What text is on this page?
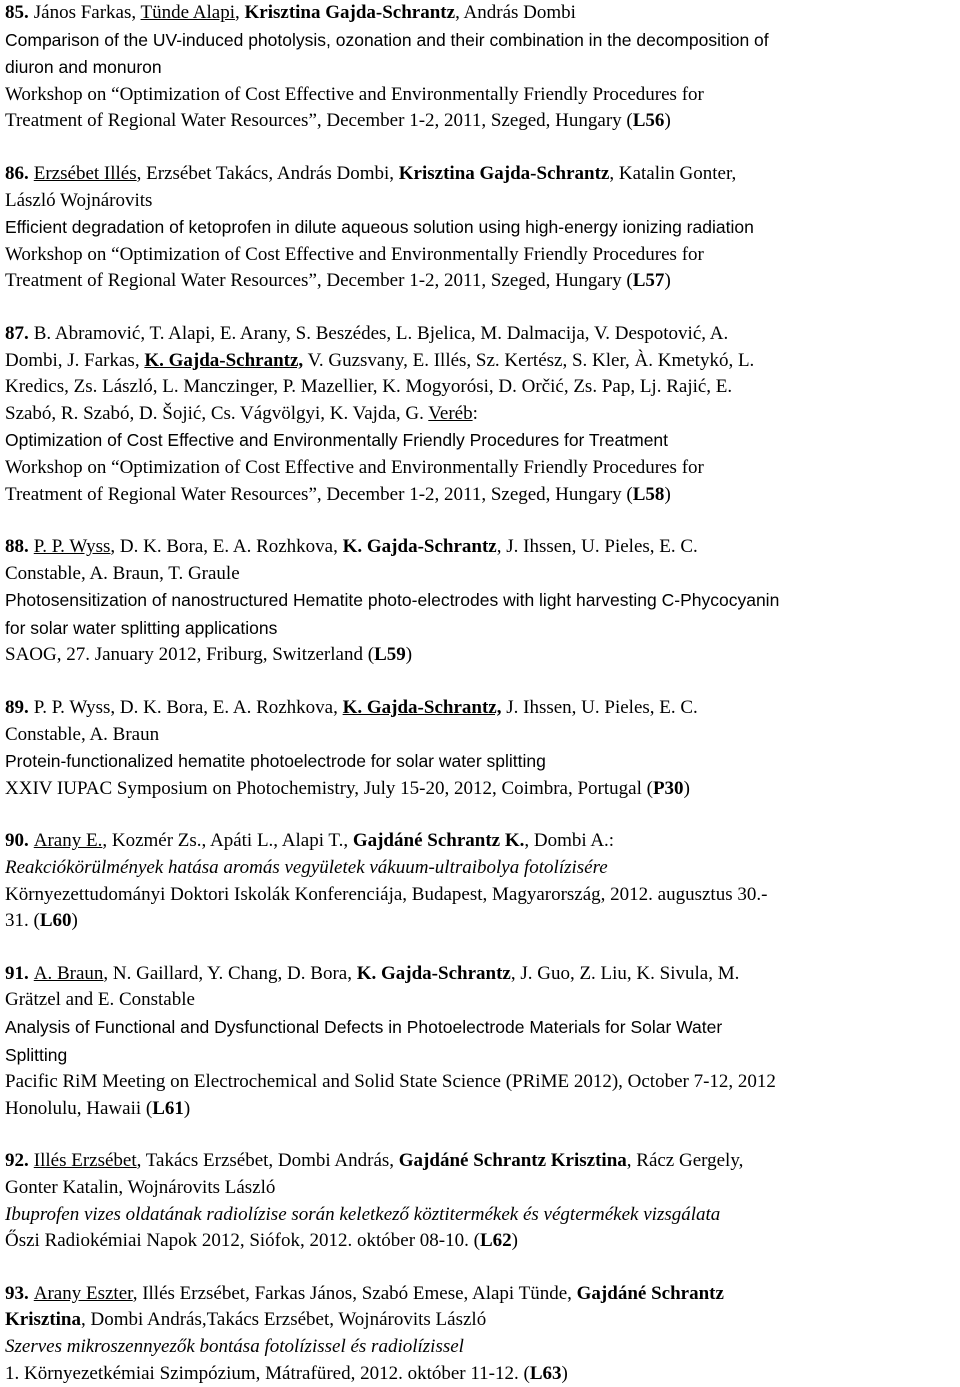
85. János Farkas, Tünde Alapi, Krisztina Gajda-Schrantz, András Dombi
Comparison of the UV-induced photolysis, ozonation and their combination in the decomposition of
diuron and monuron
Workshop on “Optimization of Cost Effective and Environmentally Friendly Procedures for
Treatment of Regional Water Resources”, December 1-2, 2011, Szeged, Hungary (L56)
86. Erzsébet Illés, Erzsébet Takács, András Dombi, Krisztina Gajda-Schrantz, Katalin Gonter,
László Wojnárovits
Efficient degradation of ketoprofen in dilute aqueous solution using high-energy ionizing radiation
Workshop on “Optimization of Cost Effective and Environmentally Friendly Procedures for
Treatment of Regional Water Resources”, December 1-2, 2011, Szeged, Hungary (L57)
87. B. Abramović, T. Alapi, E. Arany, S. Beszédes, L. Bjelica, M. Dalmacija, V. Despotović, A.
Dombi, J. Farkas, K. Gajda-Schrantz, V. Guzsvany, E. Illés, Sz. Kertész, S. Kler, À. Kmetykó, L.
Kredics, Zs. László, L. Manczinger, P. Mazellier, K. Mogyorósi, D. Orčić, Zs. Pap, Lj. Rajić, E.
Szabó, R. Szabó, D. Šojić, Cs. Vágvölgyi, K. Vajda, G. Veréb:
Optimization of Cost Effective and Environmentally Friendly Procedures for Treatment
Workshop on “Optimization of Cost Effective and Environmentally Friendly Procedures for
Treatment of Regional Water Resources”, December 1-2, 2011, Szeged, Hungary (L58)
88. P. P. Wyss, D. K. Bora, E. A. Rozhkova, K. Gajda-Schrantz, J. Ihssen, U. Pieles, E. C.
Constable, A. Braun, T. Graule
Photosensitization of nanostructured Hematite photo-electrodes with light harvesting C-Phycocyanin
for solar water splitting applications
SAOG, 27. January 2012, Friburg, Switzerland (L59)
89. P. P. Wyss, D. K. Bora, E. A. Rozhkova, K. Gajda-Schrantz, J. Ihssen, U. Pieles, E. C.
Constable, A. Braun
Protein-functionalized hematite photoelectrode for solar water splitting
XXIV IUPAC Symposium on Photochemistry, July 15-20, 2012, Coimbra, Portugal (P30)
90. Arany E., Kozmér Zs., Apáti L., Alapi T., Gajdáné Schrantz K., Dombi A.:
Reakciókörülmények hatása aromás vegyületek vákuum-ultraibolya fotolízisére
Környezettudományi Doktori Iskolák Konferenciája, Budapest, Magyarország, 2012. augusztus 30.-
31. (L60)
91. A. Braun, N. Gaillard, Y. Chang, D. Bora, K. Gajda-Schrantz, J. Guo, Z. Liu, K. Sivula, M.
Grätzel and E. Constable
Analysis of Functional and Dysfunctional Defects in Photoelectrode Materials for Solar Water
Splitting
Pacific RiM Meeting on Electrochemical and Solid State Science (PRiME 2012), October 7-12, 2012
Honolulu, Hawaii (L61)
92. Illés Erzsébet, Takács Erzsébet, Dombi András, Gajdáné Schrantz Krisztina, Rácz Gergely,
Gonter Katalin, Wojnárovits László
Ibuprofen vizes oldatának radiolízise során keletkező köztitermékek és végtermékek vizsgálata
Őszi Radiokémiai Napok 2012, Siófok, 2012. október 08-10. (L62)
93. Arany Eszter, Illés Erzsébet, Farkas János, Szabó Emese, Alapi Tünde, Gajdáné Schrantz
Krisztina, Dombi András,Takács Erzsébet, Wojnárovits László
Szerves mikroszennyezők bontása fotolízissel és radiolízissel
1. Környezetkémiai Szimpózium, Mátrafüred, 2012. október 11-12. (L63)
